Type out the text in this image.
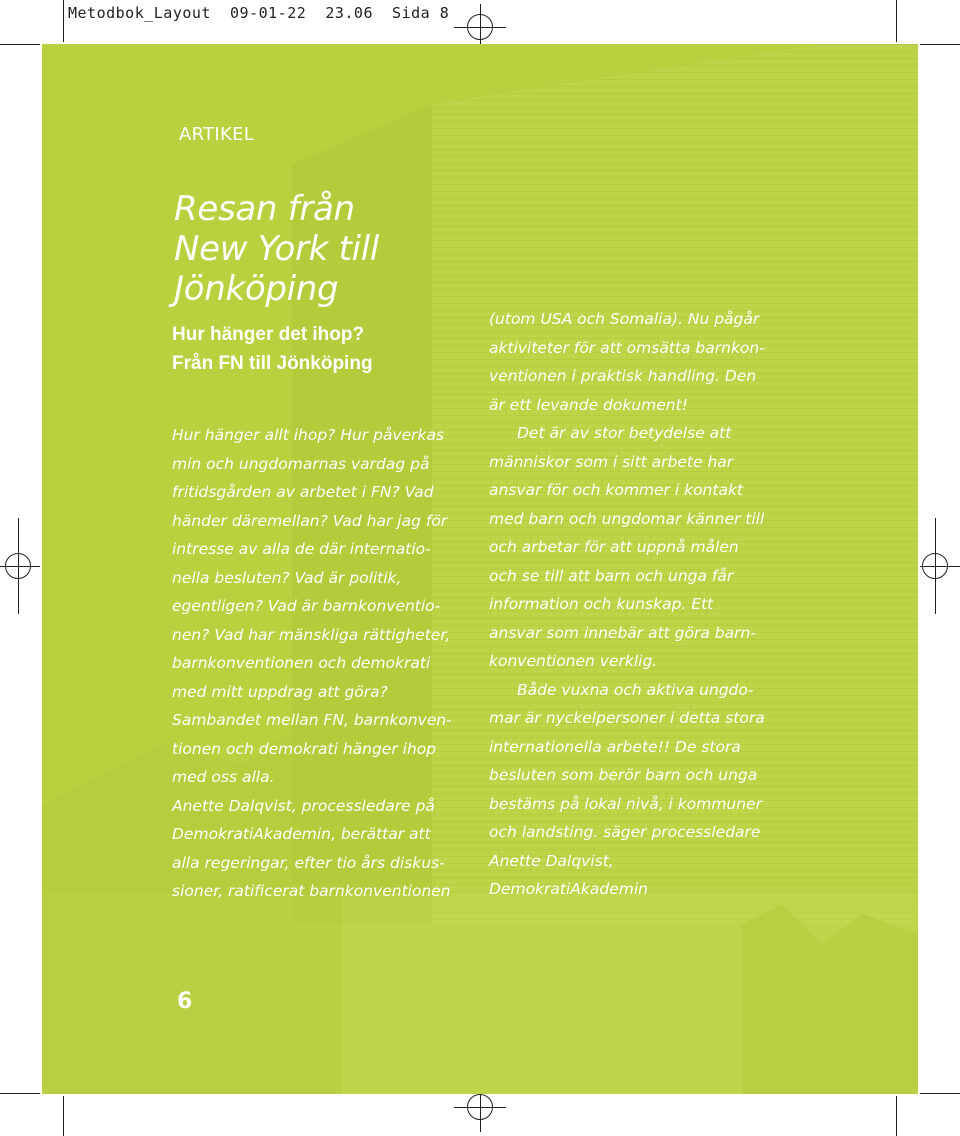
Metodbok_Layout  09-01-22  23.06  Sida 8
ARTIKEL
Resan från
New York till
Jönköping
Hur hänger det ihop?
Från FN till Jönköping
Hur hänger allt ihop? Hur påverkas
min och ungdomarnas vardag på
fritidsgården av arbetet i FN? Vad
händer däremellan? Vad har jag för
intresse av alla de där internatio-
nella besluten? Vad är politik,
egentligen? Vad är barnkonventio-
nen? Vad har mänskliga rättigheter,
barnkonventionen och demokrati
med mitt uppdrag att göra?
Sambandet mellan FN, barnkonven-
tionen och demokrati hänger ihop
med oss alla.
Anette Dalqvist, processledare på
DemokratiAkademin, berättar att
alla regeringar, efter tio års diskus-
sioner, ratificerat barnkonventionen
(utom USA och Somalia). Nu pågår
aktiviteter för att omsätta barnkon-
ventionen i praktisk handling. Den
är ett levande dokument!
Det är av stor betydelse att
människor som i sitt arbete har
ansvar för och kommer i kontakt
med barn och ungdomar känner till
och arbetar för att uppnå målen
och se till att barn och unga får
information och kunskap. Ett
ansvar som innebär att göra barn-
konventionen verklig.
Både vuxna och aktiva ungdo-
mar är nyckelpersoner i detta stora
internationella arbete!! De stora
besluten som berör barn och unga
bestäms på lokal nivå, i kommuner
och landsting. säger processledare
Anette Dalqvist,
DemokratiAkademin
6
